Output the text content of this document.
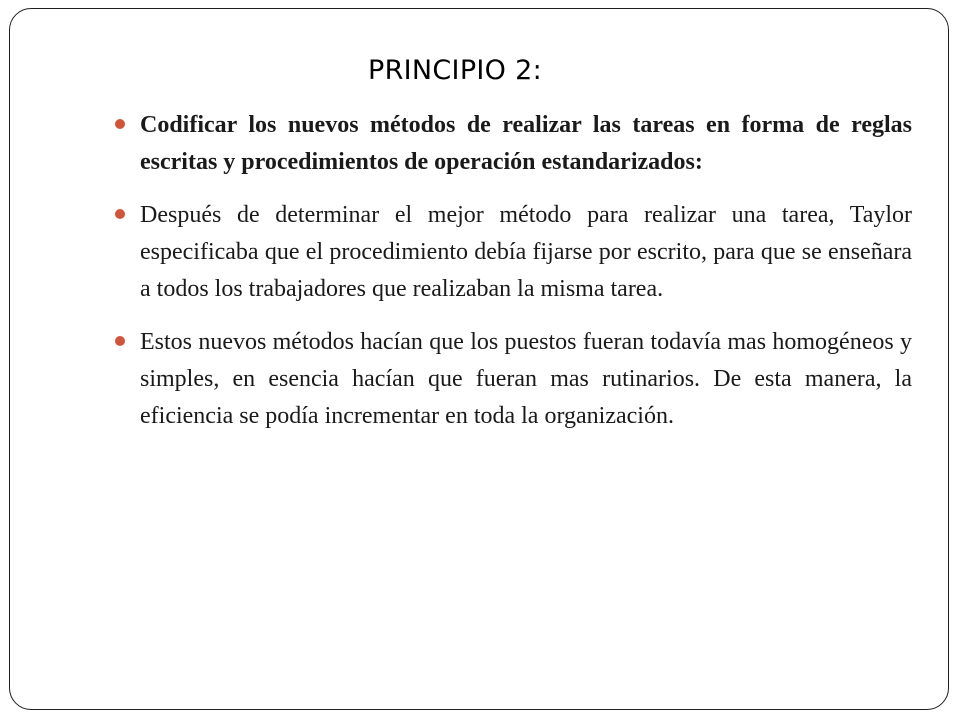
PRINCIPIO 2:
Codificar los nuevos métodos de realizar las tareas en forma de reglas escritas y procedimientos de operación estandarizados:
Después de determinar el mejor método para realizar una tarea, Taylor especificaba que el procedimiento debía fijarse por escrito, para que se enseñara a todos los trabajadores que realizaban la misma tarea.
Estos nuevos métodos hacían que los puestos fueran todavía mas homogéneos y simples, en esencia hacían que fueran mas rutinarios. De esta manera, la eficiencia se podía incrementar en toda la organización.
